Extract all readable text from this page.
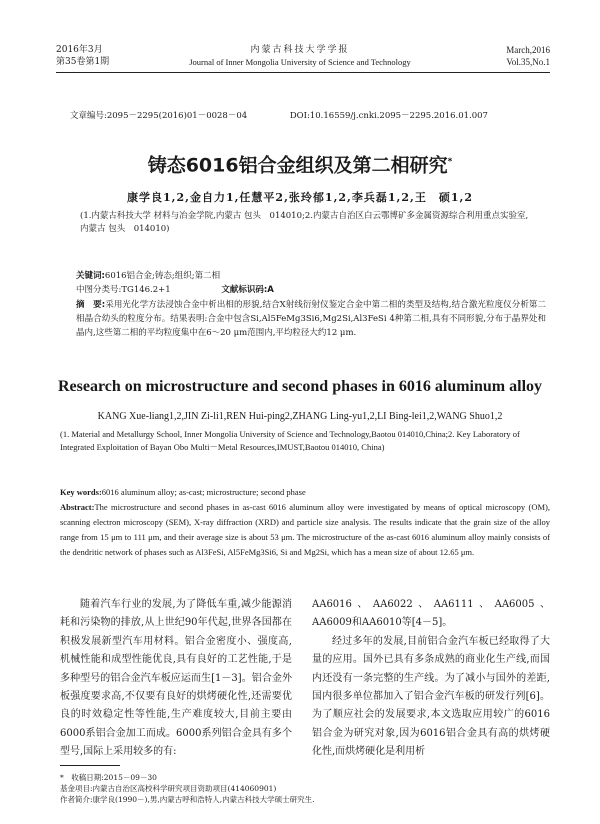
2016年3月
第35卷第1期
内蒙古科技大学学报
Journal of Inner Mongolia University of Science and Technology
March,2016
Vol.35,No.1
文章编号:2095－2295(2016)01－0028－04	DOI:10.16559/j.cnki.2095－2295.2016.01.007
铸态6016铝合金组织及第二相研究*
康学良1,2,金自力1,任慧平2,张玲郁1,2,李兵磊1,2,王　硕1,2
(1.内蒙古科技大学 材料与冶金学院,内蒙古 包头　014010;2.内蒙古自治区白云鄂博矿多金属资源综合利用重点实验室,内蒙古 包头　014010)
关键词:6016铝合金;铸态;组织;第二相
中图分类号:TG146.2+1	文献标识码:A
摘　要:采用光化学方法浸蚀合金中析出相的形貌,结合X射线衍射仪鉴定合金中第二相的类型及结构,结合激光粒度仪分析第二相晶合幼头的粒度分布。结果表明:合金中包含Si,Al5FeMg3Si6,Mg2Si,Al3FeSi 4种第二相,具有不同形貌,分布于晶界处和晶内,这些第二相的平均粒度集中在6～20 μm范围内,平均粒径大约12 μm.
Research on microstructure and second phases in 6016 aluminum alloy
KANG Xue-liang1,2,JIN Zi-li1,REN Hui-ping2,ZHANG Ling-yu1,2,LI Bing-lei1,2,WANG Shuo1,2
(1. Material and Metallurgy School, Inner Mongolia University of Science and Technology,Baotou 014010,China;2. Key Laboratory of Integrated Exploitation of Bayan Obo Multi－Metal Resources,IMUST,Baotou 014010, China)
Key words:6016 aluminum alloy; as-cast; microstructure; second phase
Abstract:The microstructure and second phases in as-cast 6016 aluminum alloy were investigated by means of optical microscopy (OM), scanning electron microscopy (SEM), X-ray diffraction (XRD) and particle size analysis. The results indicate that the grain size of the alloy range from 15 μm to 111 μm, and their average size is about 53 μm. The microstructure of the as-cast 6016 aluminum alloy mainly consists of the dendritic network of phases such as Al3FeSi, Al5FeMg3Si6, Si and Mg2Si, which has a mean size of about 12.65 μm.
随着汽车行业的发展,为了降低车重,减少能源消耗和污染物的排放,从上世纪90年代起,世界各国都在积极发展新型汽车用材料。铝合金密度小、强度高,机械性能和成型性能优良,具有良好的工艺性能,于是多种型号的铝合金汽车板应运而生[1－3]。铝合金外板强度要求高,不仅要有良好的烘烤硬化性,还需要优良的时效稳定性等性能,生产难度较大,目前主要由6000系铝合金加工而成。6000系列铝合金具有多个型号,国际上采用较多的有:
AA6016、AA6022、AA6111、AA6005、AA6009和AA6010等[4－5]。
经过多年的发展,目前铝合金汽车板已经取得了大量的应用。国外已具有多条成熟的商业化生产线,而国内还没有一条完整的生产线。为了减小与国外的差距,国内很多单位都加入了铝合金汽车板的研发行列[6]。为了顺应社会的发展要求,本文选取应用较广的6016铝合金为研究对象,因为6016铝合金具有高的烘烤硬化性,而烘烤硬化是利用析
*　收稿日期:2015－09－30
基金项目:内蒙古自治区高校科学研究项目资助项目(414060901)
作者简介:康学良(1990－),男,内蒙古呼和浩特人,内蒙古科技大学硕士研究生.
